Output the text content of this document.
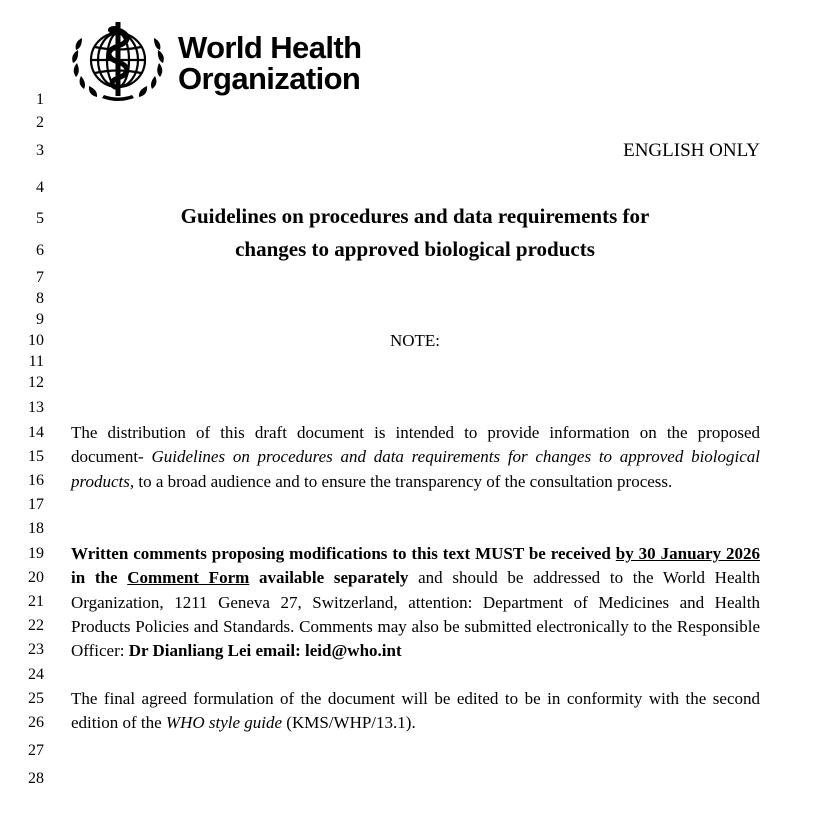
World Health
Organization
1
2
3
4
5
6
7
8
9
10
11
12
13
14
15
16
17
18
19
20
21
22
23
24
25
26
27
28
ENGLISH ONLY
Guidelines on procedures and data requirements for
changes to approved biological products
NOTE:
The distribution of this draft document is intended to provide information on the proposed document- Guidelines on procedures and data requirements for changes to approved biological products, to a broad audience and to ensure the transparency of the consultation process.
Written comments proposing modifications to this text MUST be received by 30 January 2026 in the Comment Form available separately and should be addressed to the World Health Organization, 1211 Geneva 27, Switzerland, attention: Department of Medicines and Health Products Policies and Standards. Comments may also be submitted electronically to the Responsible Officer: Dr Dianliang Lei email: leid@who.int
The final agreed formulation of the document will be edited to be in conformity with the second edition of the WHO style guide (KMS/WHP/13.1).
